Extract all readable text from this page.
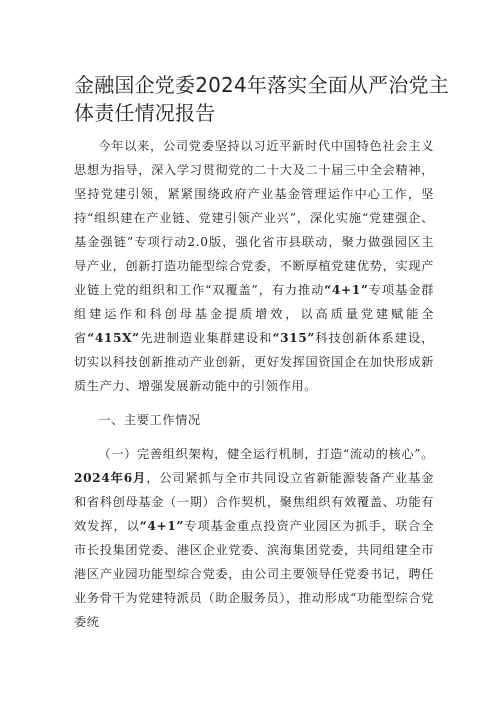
金融国企党委2024年落实全面从严治党主体责任情况报告

今年以来，公司党委坚持以习近平新时代中国特色社会主义思想为指导，深入学习贯彻党的二十大及二十届三中全会精神，坚持党建引领，紧紧围绕政府产业基金管理运作中心工作，坚持“组织建在产业链、党建引领产业兴”，深化实施“党建强企、基金强链”专项行动2.0版，强化省市县联动，聚力做强园区主导产业，创新打造功能型综合党委，不断厚植党建优势，实现产业链上党的组织和工作“双覆盖”，有力推动“4+1”专项基金群组建运作和科创母基金提质增效，以高质量党建赋能全省“415X”先进制造业集群建设和“315”科技创新体系建设，切实以科技创新推动产业创新，更好发挥国资国企在加快形成新质生产力、增强发展新动能中的引领作用。

一、主要工作情况

（一）完善组织架构，健全运行机制，打造“流动的核心”。2024年6月，公司紧抓与全市共同设立省新能源装备产业基金和省科创母基金（一期）合作契机，聚焦组织有效覆盖、功能有效发挥，以“4+1”专项基金重点投资产业园区为抓手，联合全市长投集团党委、港区企业党委、滨海集团党委，共同组建全市港区产业园功能型综合党委，由公司主要领导任党委书记，聘任业务骨干为党建特派员（助企服务员），推动形成“功能型综合党委统
